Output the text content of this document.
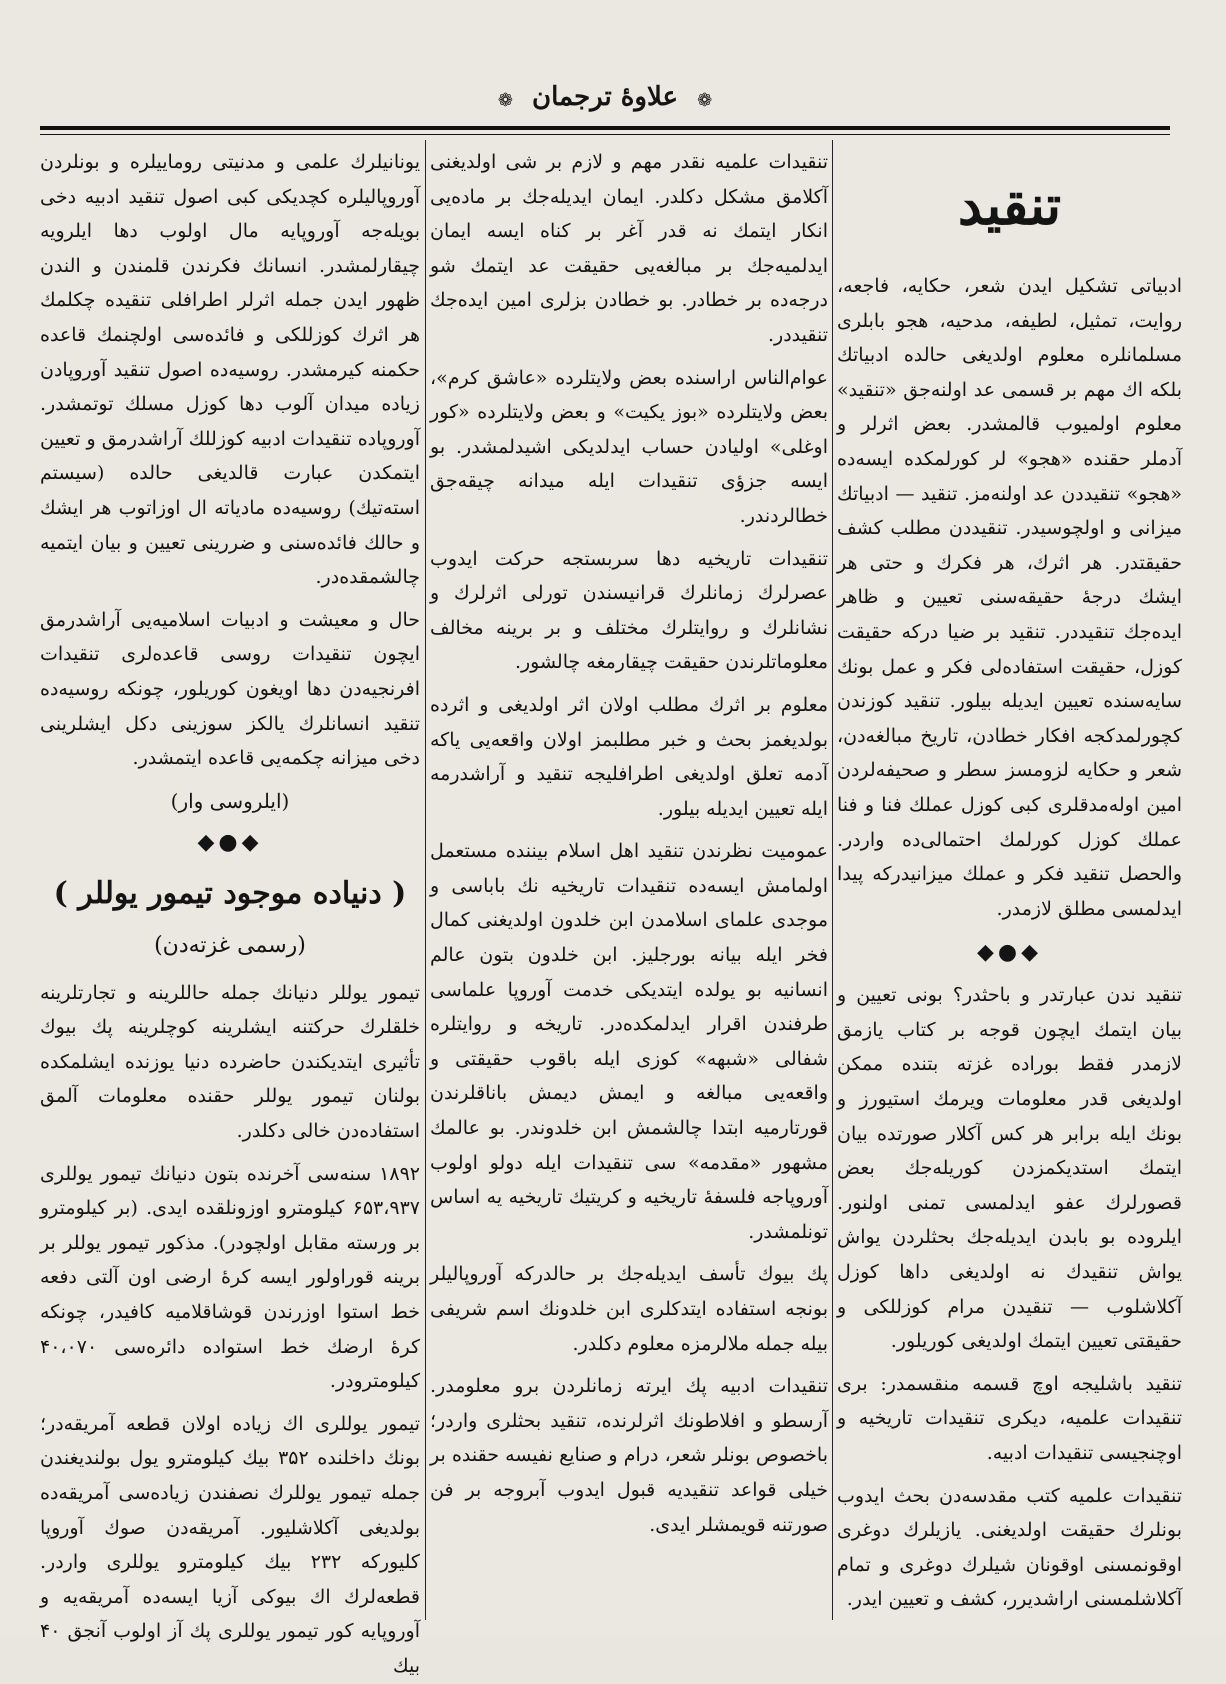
❁ علاوهٔ ترجمان ❁
تنقید

ادبیاتی تشکیل ایدن شعر، حکایه، فاجعه، روایت، تمثیل، لطیفه، مدحیه، هجو بابلری مسلمانلره معلوم اولدیغی حالده ادبیاتك بلکه اك مهم بر قسمی عد اولنه‌جق «تنقید» معلوم اولمیوب قالمشدر. بعض اثرلر و آدملر حقنده «هجو» لر کورلمکده ایسه‌ده «هجو» تنقیددن عد اولنه‌مز. تنقید — ادبیاتك میزانی و اولچوسیدر. تنقیددن مطلب کشف حقیقتدر. هر اثرك، هر فکرك و حتی هر ایشك درجهٔ حقیقه‌سنی تعیین و ظاهر ایده‌جك تنقیددر. تنقید بر ضیا درکه حقیقت کوزل، حقیقت استفاده‌لی فکر و عمل بونك سایه‌سنده تعیین ایدیله بیلور. تنقید کوزندن کچورلمدکجه افکار خطادن، تاریخ مبالغه‌دن، شعر و حکایه لزومسز سطر و صحیفه‌لردن امین اوله‌مدقلری کبی کوزل عملك فنا و فنا عملك کوزل کورلمك احتمالی‌ده واردر. والحصل تنقید فکر و عملك میزانیدرکه پیدا ایدلمسی مطلق لازمدر.

◆●◆

تنقید ندن عبارتدر و باحثدر؟ بونی تعیین و بیان ایتمك ایچون قوجه بر کتاب یازمق لازمدر فقط بوراده غزته بتنده ممکن اولدیغی قدر معلومات ویرمك استیورز و بونك ایله برابر هر کس آکلار صورتده بیان ایتمك استدیکمزدن کوریله‌جك بعض قصورلرك عفو ایدلمسی تمنی اولنور. ایلروده بو بابدن ایدیله‌جك بحثلردن یواش یواش تنقیدك نه اولدیغی داها کوزل آکلاشلوب — تنقیدن مرام کوزللکی و حقیقتی تعیین ایتمك اولدیغی کوریلور.

تنقید باشلیجه اوچ قسمه منقسمدر: بری تنقیدات علمیه، دیکری تنقیدات تاریخیه و اوچنجیسی تنقیدات ادبیه.

تنقیدات علمیه کتب مقدسه‌دن بحث ایدوب بونلرك حقیقت اولدیغنی. یازیلرك دوغری اوقونمسنی اوقونان شیلرك دوغری و تمام آکلاشلمسنی اراشدیرر، کشف و تعیین ایدر.

تنقیدات علمیه نقدر مهم و لازم بر شی اولدیغنی آکلامق مشکل دکلدر. ایمان ایدیله‌جك بر ماده‌یی انکار ایتمك نه قدر آغر بر کناه ایسه ایمان ایدلمیه‌جك بر مبالغه‌یی حقیقت عد ایتمك شو درجه‌ده بر خطادر. بو خطادن بزلری امین ایده‌جك تنقیددر.

عوام‌الناس اراسنده بعض ولایتلرده «عاشق کرم»، بعض ولایتلرده «بوز یکیت» و بعض ولایتلرده «کور اوغلی» اولیادن حساب ایدلدیکی اشیدلمشدر. بو ایسه جزؤی تنقیدات ایله میدانه چیقه‌جق خطالردندر.

تنقیدات تاریخیه دها سربستجه حرکت ایدوب عصرلرك زمانلرك قرانیسندن تورلی اثرلرك و نشانلرك و روایتلرك مختلف و بر برینه مخالف معلوماتلرندن حقیقت چیقارمغه چالشور.

معلوم بر اثرك مطلب اولان اثر اولدیغی و اثرده بولدیغمز بحث و خبر مطلبمز اولان واقعه‌یی یاکه آدمه تعلق اولدیغی اطرافلیجه تنقید و آراشدرمه ایله تعیین ایدیله بیلور.

عمومیت نظرندن تنقید اهل اسلام بیننده مستعمل اولمامش ایسه‌ده تنقیدات تاریخیه نك باباسی و موجدی علمای اسلامدن ابن خلدون اولدیغنی کمال فخر ایله بیانه بورجلیز. ابن خلدون بتون عالم انسانیه بو یولده ایتدیکی خدمت آوروپا علماسی طرفندن اقرار ایدلمکده‌در. تاریخه و روایتلره شفالی «شبهه» کوزی ایله باقوب حقیقتی و واقعه‌یی مبالغه و ایمش دیمش باناقلرندن قورتارمیه ابتدا چالشمش ابن خلدوندر. بو عالمك مشهور «مقدمه» سی تنقیدات ایله دولو اولوب آوروپاجه فلسفهٔ تاریخیه و کریتیك تاریخیه یه اساس تونلمشدر.

پك بیوك تأسف ایدیله‌جك بر حالدرکه آوروپالیلر بونجه استفاده ایتدکلری ابن خلدونك اسم شریفی بیله جمله ملالرمزه معلوم دکلدر.

تنقیدات ادبیه پك ایرته زمانلردن برو معلومدر. آرسطو و افلاطونك اثرلرنده، تنقید بحثلری واردر؛ باخصوص بونلر شعر، درام و صنایع نفیسه حقنده بر خیلی قواعد تنقیدیه قبول ایدوب آبروجه بر فن صورتنه قویمشلر ایدی.

یونانیلرك علمی و مدنیتی روماییلره و بونلردن آوروپالیلره کچدیکی کبی اصول تنقید ادبیه دخی بویله‌جه آوروپایه مال اولوب دها ایلرویه چیقارلمشدر. انسانك فکرندن قلمندن و الندن ظهور ایدن جمله اثرلر اطرافلی تنقیده چکلمك هر اثرك کوزللکی و فائده‌سی اولچنمك قاعده حکمنه کیرمشدر. روسیه‌ده اصول تنقید آوروپادن زیاده میدان آلوب دها کوزل مسلك توتمشدر. آوروپاده تنقیدات ادبیه کوزللك آراشدرمق و تعیین ایتمکدن عبارت قالدیغی حالده (سیستم استه‌تیك) روسیه‌ده مادیاته ال اوزاتوب هر ایشك و حالك فائده‌سنی و ضررینی تعیین و بیان ایتمیه چالشمقده‌در.

حال و معیشت و ادبیات اسلامیه‌یی آراشدرمق ایچون تنقیدات روسی قاعده‌لری تنقیدات افرنجیه‌دن دها اویغون کوریلور، چونکه روسیه‌ده تنقید انسانلرك یالکز سوزینی دکل ایشلرینی دخی میزانه چکمه‌یی قاعده ایتمشدر.

(ایلروسی وار)
◆●◆
( دنیاده موجود تیمور یوللر )
(رسمی غزته‌دن)

تیمور یوللر دنیانك جمله حاللرینه و تجارتلرینه خلقلرك حرکتنه ایشلرینه کوچلرینه پك بیوك تأثیری ایتدیکندن حاضرده دنیا یوزنده ایشلمکده بولنان تیمور یوللر حقنده معلومات آلمق استفاده‌دن خالی دکلدر.

۱۸۹۲ سنه‌سی آخرنده بتون دنیانك تیمور یوللری ۶۵۳،۹۳۷ کیلومترو اوزونلقده ایدی. (بر کیلومترو بر ورسته مقابل اولچودر). مذکور تیمور یوللر بر برینه قوراولور ایسه کرهٔ ارضی اون آلتی دفعه خط استوا اوزرندن قوشاقلامیه کافیدر، چونکه کرهٔ ارضك خط استواده دائره‌سی ۴۰،۰۷۰ کیلومترودر.

تیمور یوللری اك زیاده اولان قطعه آمریقه‌در؛ بونك داخلنده ۳۵۲ بیك کیلومترو یول بولندیغندن جمله تیمور یوللرك نصفندن زیاده‌سی آمریقه‌ده بولدیغی آکلاشلیور. آمریقه‌دن صوك آوروپا کلیورکه ۲۳۲ بیك کیلومترو یوللری واردر. قطعه‌لرك اك بیوکی آزیا ایسه‌ده آمریقه‌یه و آوروپایه کور تیمور یوللری پك آز اولوب آنجق ۴۰ بیك
